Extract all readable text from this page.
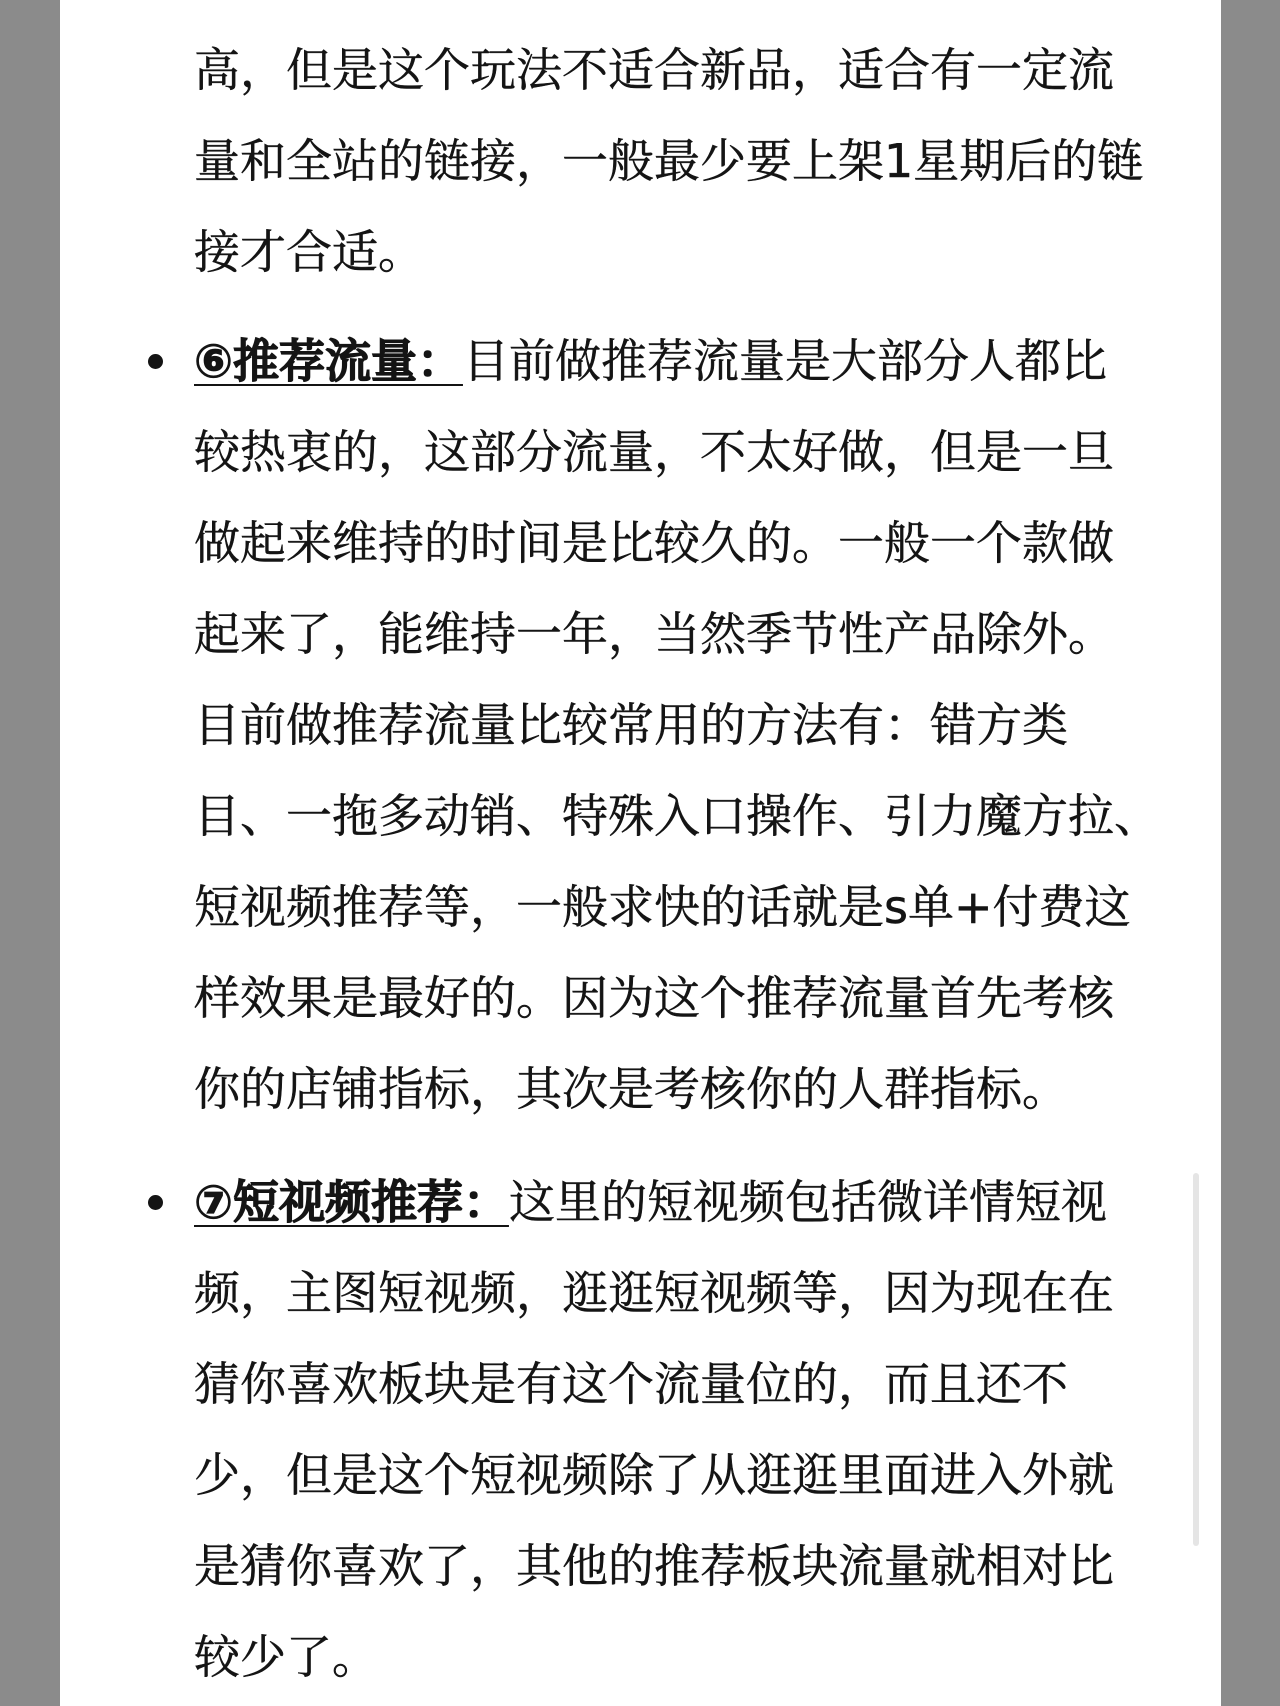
高，但是这个玩法不适合新品，适合有一定流
量和全站的链接，一般最少要上架1星期后的链
接才合适。
⑥推荐流量：目前做推荐流量是大部分人都比
较热衷的，这部分流量，不太好做，但是一旦
做起来维持的时间是比较久的。一般一个款做
起来了，能维持一年，当然季节性产品除外。
目前做推荐流量比较常用的方法有：错方类
目、一拖多动销、特殊入口操作、引力魔方拉、
短视频推荐等，一般求快的话就是s单+付费这
样效果是最好的。因为这个推荐流量首先考核
你的店铺指标，其次是考核你的人群指标。
⑦短视频推荐：这里的短视频包括微详情短视
频，主图短视频，逛逛短视频等，因为现在在
猜你喜欢板块是有这个流量位的，而且还不
少，但是这个短视频除了从逛逛里面进入外就
是猜你喜欢了，其他的推荐板块流量就相对比
较少了。
